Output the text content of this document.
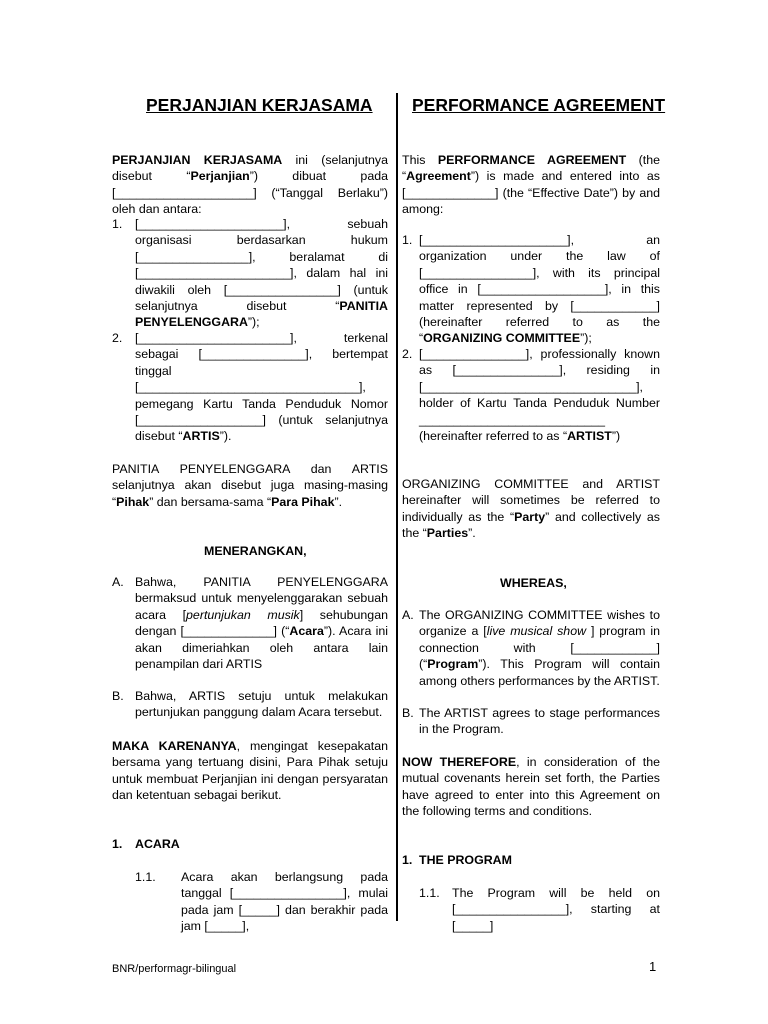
PERJANJIAN KERJASAMA PERFORMANCE AGREEMENT

PERJANJIAN KERJASAMA ini (selanjutnya disebut “Perjanjian”) dibuat pada [____________________] (“Tanggal Berlaku”) oleh dan antara:

1. [_____________________], sebuah organisasi berdasarkan hukum [________________], beralamat di [______________________], dalam hal ini diwakili oleh [________________] (untuk selanjutnya disebut “PANITIA PENYELENGGARA”);

2. [______________________], terkenal sebagai [_______________], bertempat tinggal [________________________________], pemegang Kartu Tanda Penduduk Nomor [__________________] (untuk selanjutnya disebut “ARTIS”).

PANITIA PENYELENGGARA dan ARTIS selanjutnya akan disebut juga masing-masing “Pihak” dan bersama-sama “Para Pihak”.

MENERANGKAN,
A. Bahwa, PANITIA PENYELENGGARA bermaksud untuk menyelenggarakan sebuah acara [pertunjukan musik] sehubungan dengan [_____________] (“Acara”). Acara ini akan dimeriahkan oleh antara lain penampilan dari ARTIS

B. Bahwa, ARTIS setuju untuk melakukan pertunjukan panggung dalam Acara tersebut.

MAKA KARENANYA, mengingat kesepakatan bersama yang tertuang disini, Para Pihak setuju untuk membuat Perjanjian ini dengan persyaratan dan ketentuan sebagai berikut.

1. ACARA
1.1. Acara akan berlangsung pada tanggal [________________], mulai pada jam [_____] dan berakhir pada jam [_____],

This PERFORMANCE AGREEMENT (the “Agreement”) is made and entered into as [_____________] (the “Effective Date”) by and among:

1. [_____________________], an organization under the law of [________________], with its principal office in [__________________], in this matter represented by [____________] (hereinafter referred to as the “ORGANIZING COMMITTEE”);

2. [_______________], professionally known as [_______________], residing in [_______________________________], holder of Kartu Tanda Penduduk Number ___________________________ (hereinafter referred to as “ARTIST”)

ORGANIZING COMMITTEE and ARTIST hereinafter will sometimes be referred to individually as the “Party” and collectively as the “Parties”.

WHEREAS,
A. The ORGANIZING COMMITTEE wishes to organize a [live musical show ] program in connection with [____________] (“Program”). This Program will contain among others performances by the ARTIST.

B. The ARTIST agrees to stage performances in the Program.

NOW THEREFORE, in consideration of the mutual covenants herein set forth, the Parties have agreed to enter into this Agreement on the following terms and conditions.

1. THE PROGRAM
1.1. The Program will be held on [________________], starting at [_____]

BNR/performagr-bilingual	1
